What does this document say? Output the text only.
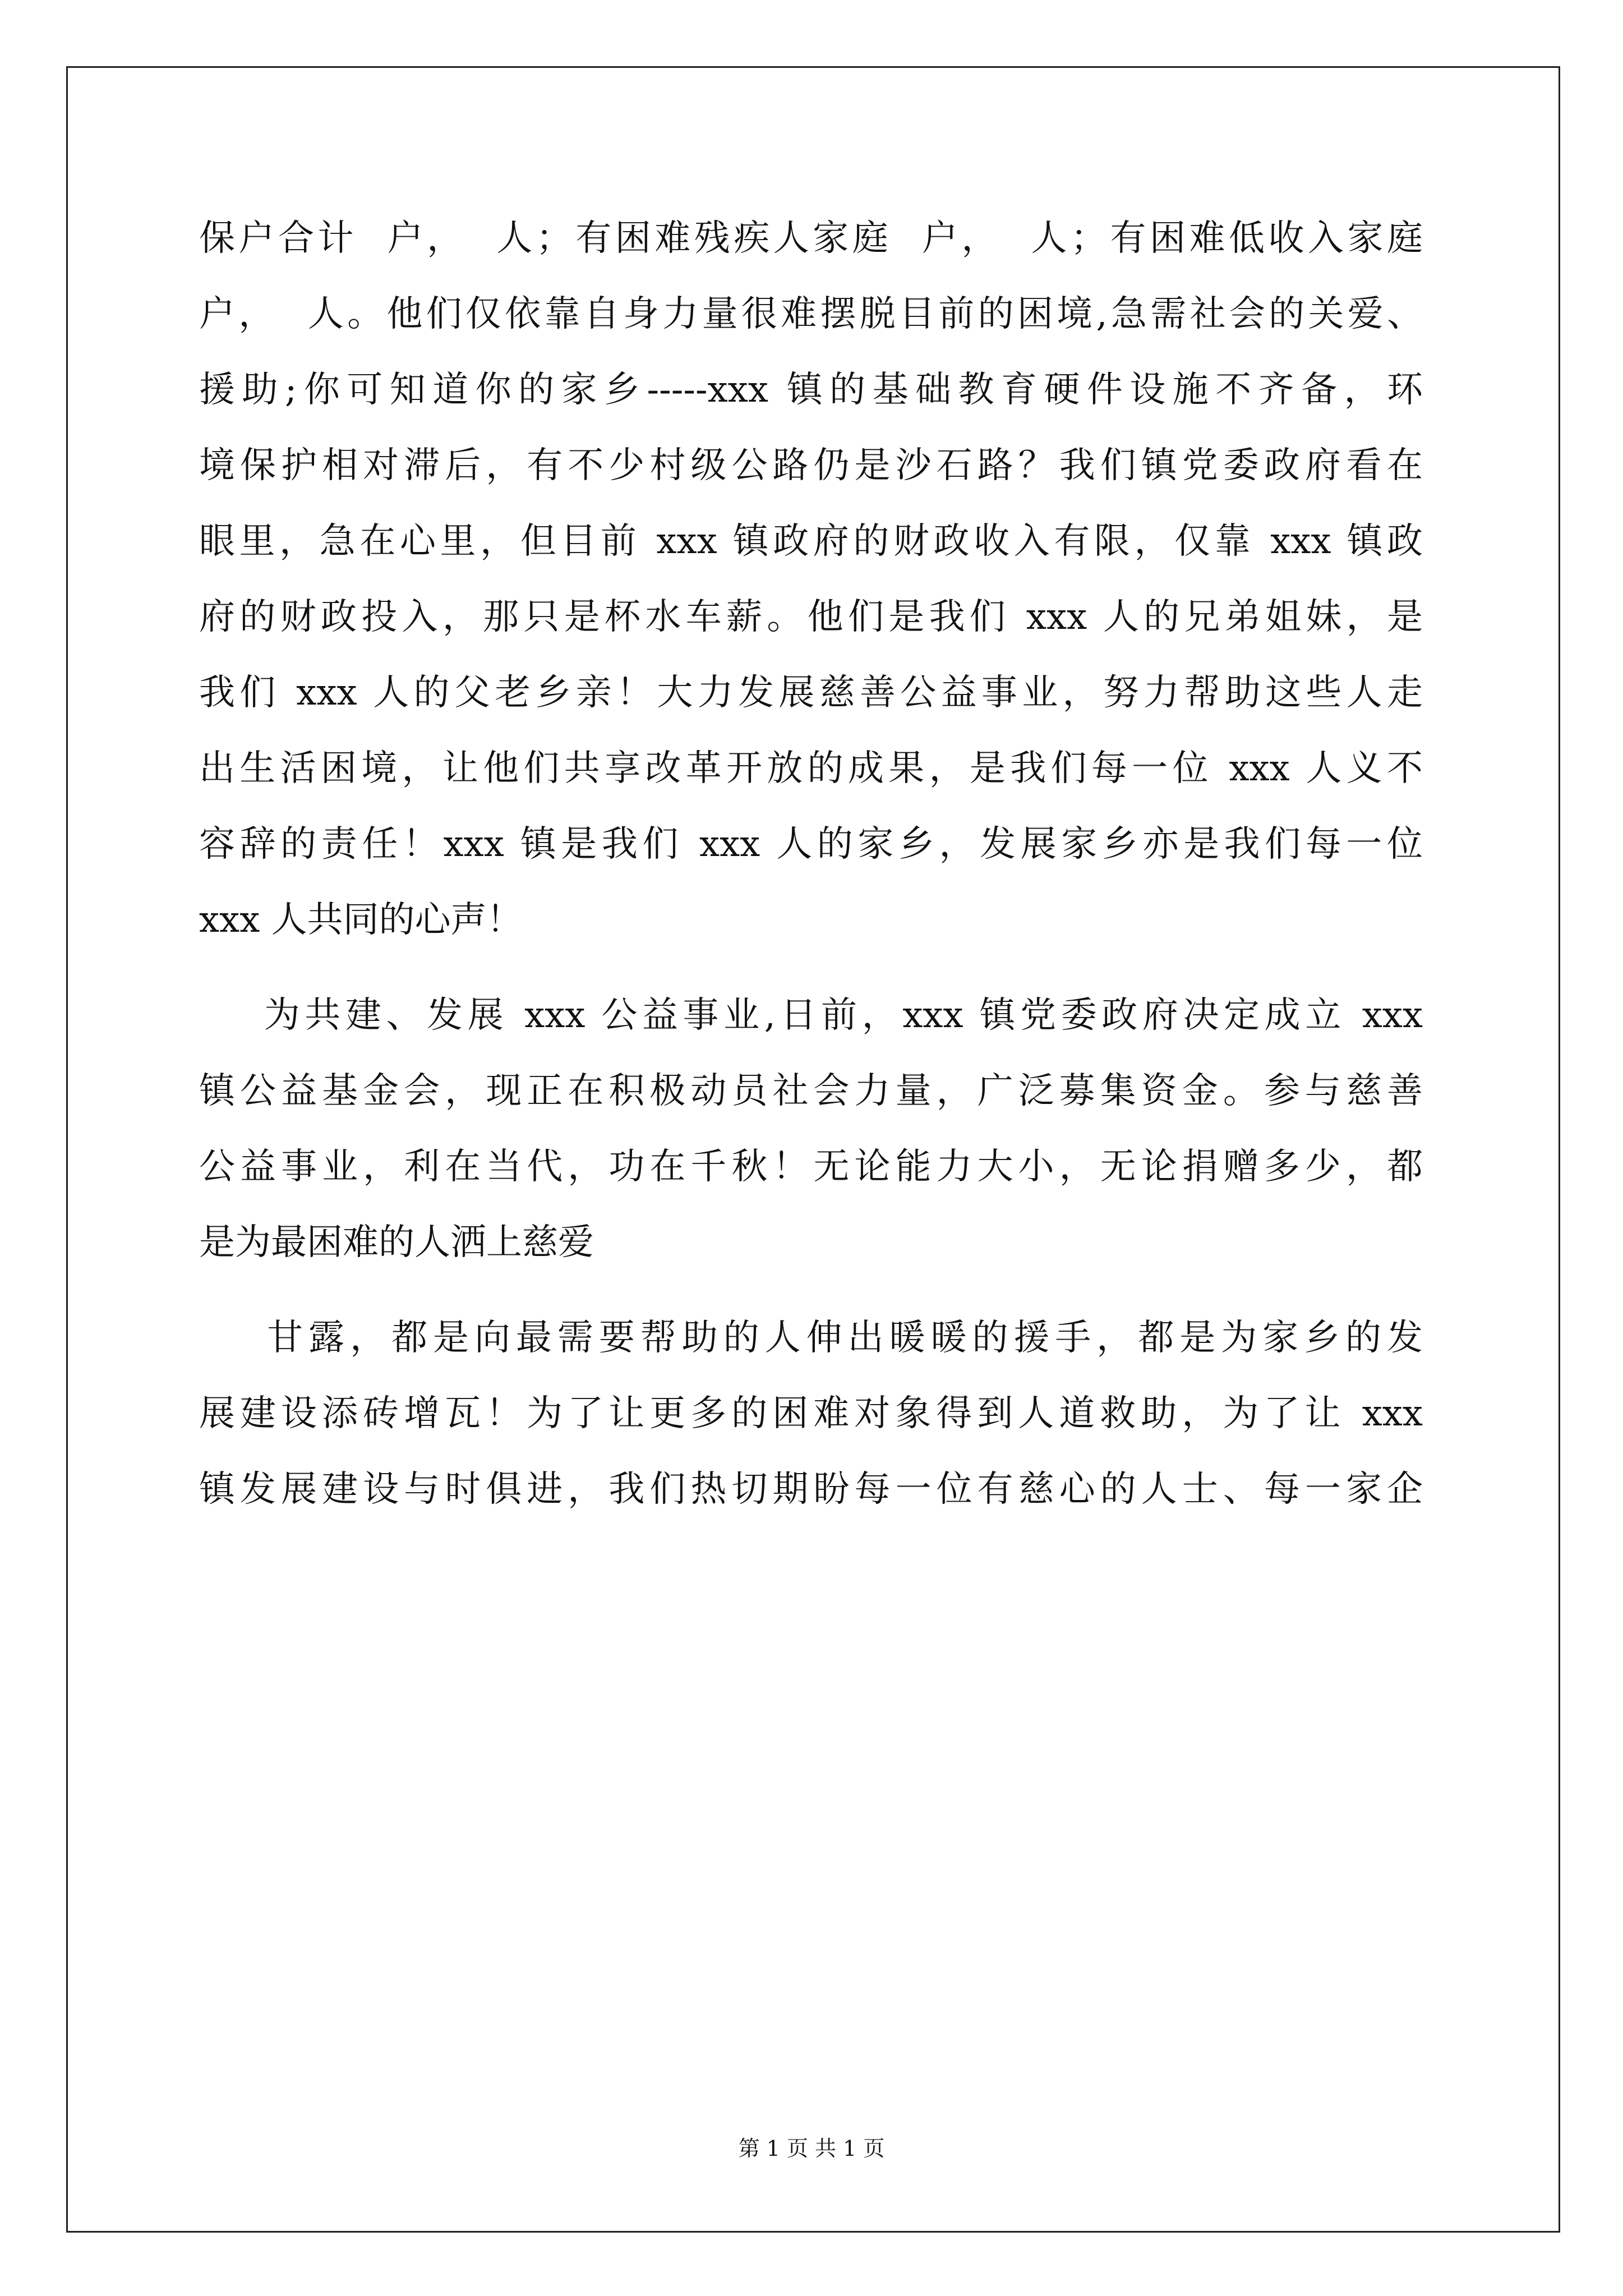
保户合计  户，  人；有困难残疾人家庭  户，  人；有困难低收入家庭
户，  人。他们仅依靠自身力量很难摆脱目前的困境,急需社会的关爱、
援助;你可知道你的家乡-----xxx 镇的基础教育硬件设施不齐备，环
境保护相对滞后，有不少村级公路仍是沙石路？我们镇党委政府看在
眼里，急在心里，但目前 xxx 镇政府的财政收入有限，仅靠 xxx 镇政
府的财政投入，那只是杯水车薪。他们是我们 xxx 人的兄弟姐妹，是
我们 xxx 人的父老乡亲！大力发展慈善公益事业，努力帮助这些人走
出生活困境，让他们共享改革开放的成果，是我们每一位 xxx 人义不
容辞的责任！xxx 镇是我们 xxx 人的家乡，发展家乡亦是我们每一位
xxx 人共同的心声！
为共建、发展 xxx 公益事业,日前，xxx 镇党委政府决定成立 xxx
镇公益基金会，现正在积极动员社会力量，广泛募集资金。参与慈善
公益事业，利在当代，功在千秋！无论能力大小，无论捐赠多少，都
是为最困难的人洒上慈爱
甘露，都是向最需要帮助的人伸出暖暖的援手，都是为家乡的发
展建设添砖增瓦！为了让更多的困难对象得到人道救助，为了让 xxx
镇发展建设与时俱进，我们热切期盼每一位有慈心的人士、每一家企
第 1 页 共 1 页
